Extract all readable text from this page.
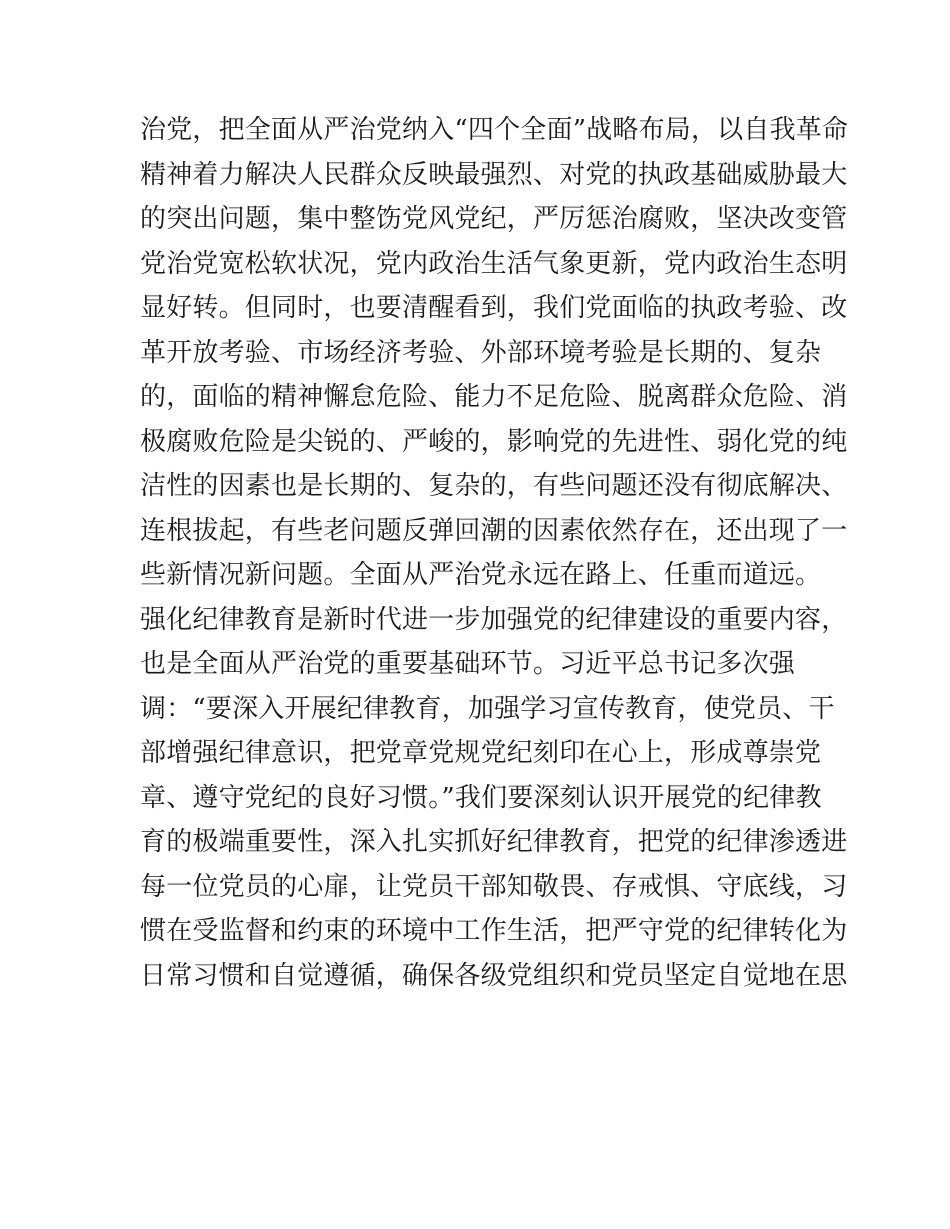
治党，把全面从严治党纳入“四个全面”战略布局，以自我革命
精神着力解决人民群众反映最强烈、对党的执政基础威胁最大
的突出问题，集中整饬党风党纪，严厉惩治腐败，坚决改变管
党治党宽松软状况，党内政治生活气象更新，党内政治生态明
显好转。但同时，也要清醒看到，我们党面临的执政考验、改
革开放考验、市场经济考验、外部环境考验是长期的、复杂
的，面临的精神懈怠危险、能力不足危险、脱离群众危险、消
极腐败危险是尖锐的、严峻的，影响党的先进性、弱化党的纯
洁性的因素也是长期的、复杂的，有些问题还没有彻底解决、
连根拔起，有些老问题反弹回潮的因素依然存在，还出现了一
些新情况新问题。全面从严治党永远在路上、任重而道远。
强化纪律教育是新时代进一步加强党的纪律建设的重要内容，
也是全面从严治党的重要基础环节。习近平总书记多次强
调：“要深入开展纪律教育，加强学习宣传教育，使党员、干
部增强纪律意识，把党章党规党纪刻印在心上，形成尊崇党
章、遵守党纪的良好习惯。”我们要深刻认识开展党的纪律教
育的极端重要性，深入扎实抓好纪律教育，把党的纪律渗透进
每一位党员的心扉，让党员干部知敬畏、存戒惧、守底线，习
惯在受监督和约束的环境中工作生活，把严守党的纪律转化为
日常习惯和自觉遵循，确保各级党组织和党员坚定自觉地在思
